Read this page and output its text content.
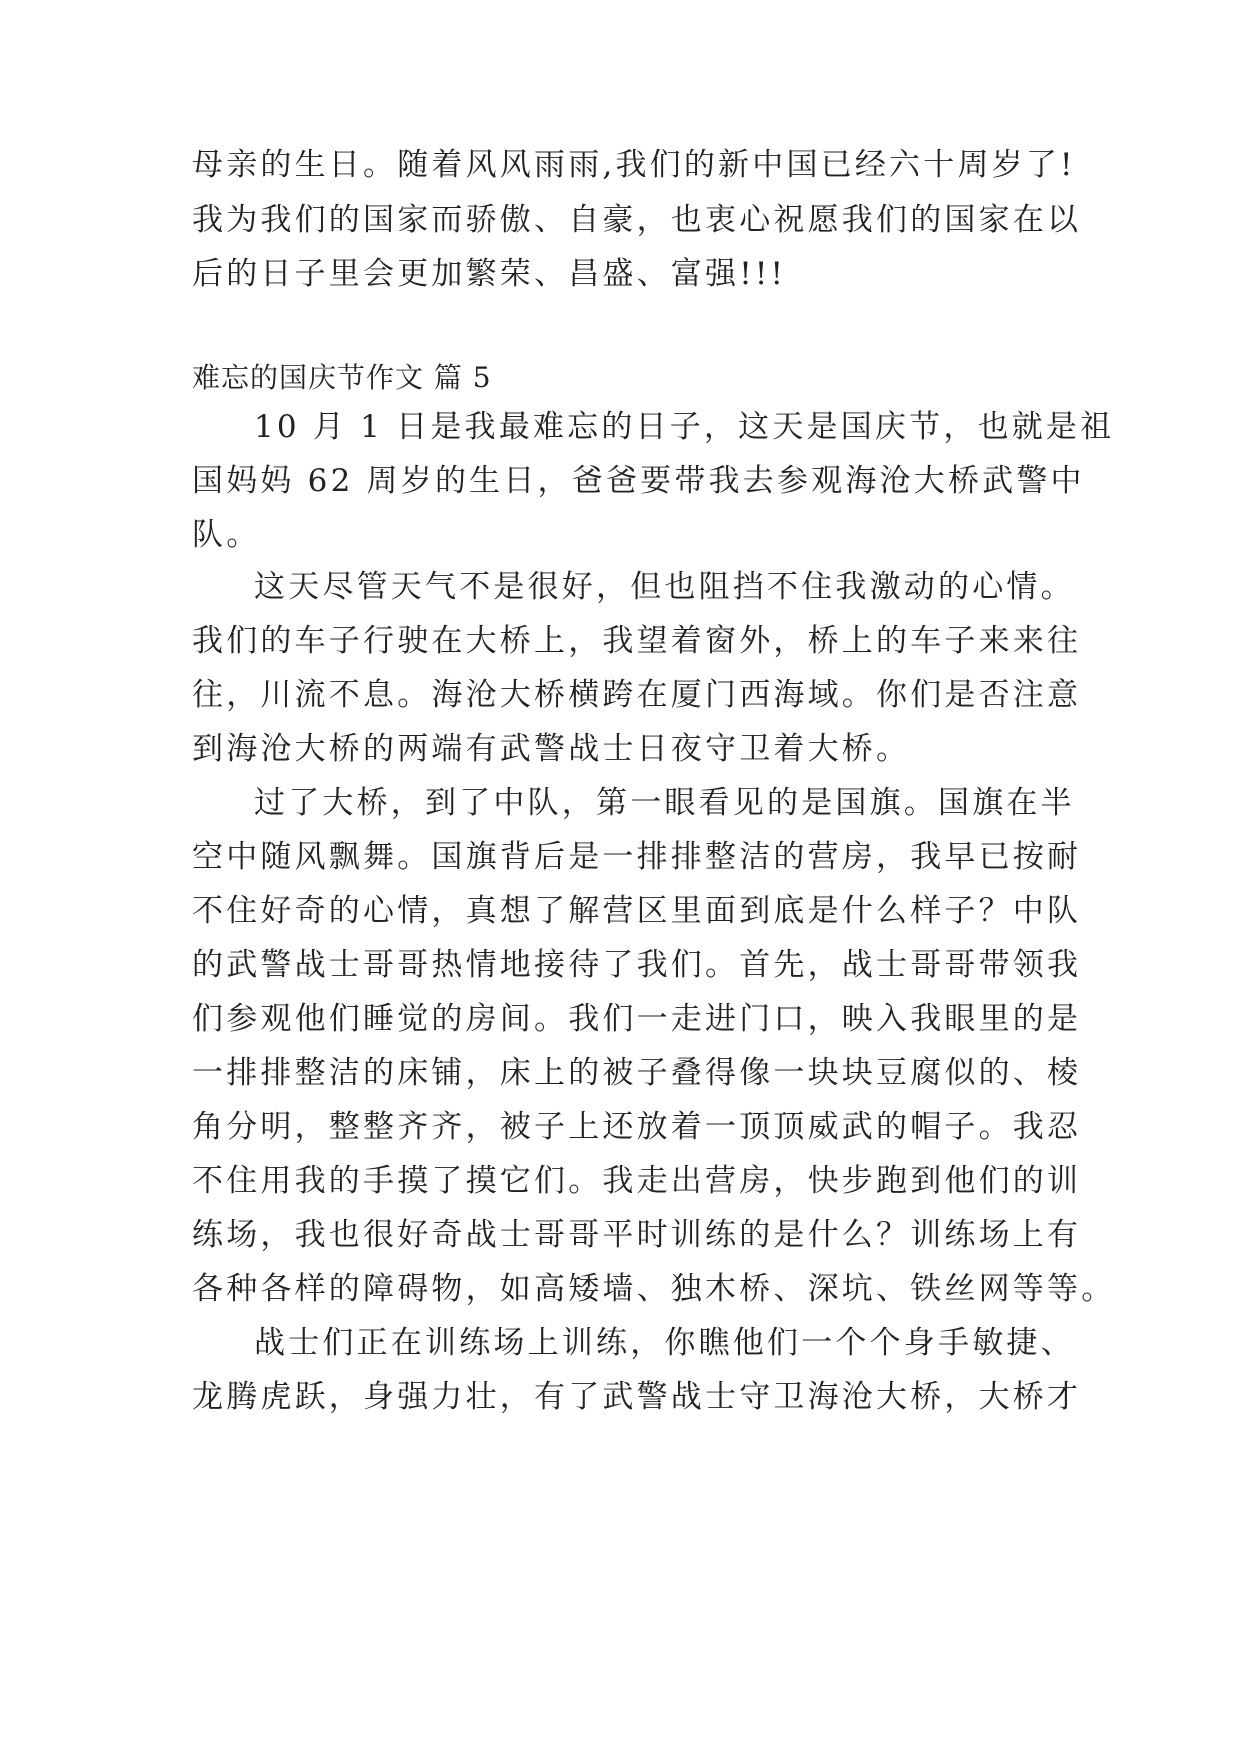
母亲的生日。随着风风雨雨,我们的新中国已经六十周岁了!
我为我们的国家而骄傲、自豪，也衷心祝愿我们的国家在以
后的日子里会更加繁荣、昌盛、富强!!!
难忘的国庆节作文 篇 5
10 月 1 日是我最难忘的日子，这天是国庆节，也就是祖
国妈妈 62 周岁的生日，爸爸要带我去参观海沧大桥武警中
队。
这天尽管天气不是很好，但也阻挡不住我激动的心情。
我们的车子行驶在大桥上，我望着窗外，桥上的车子来来往
往，川流不息。海沧大桥横跨在厦门西海域。你们是否注意
到海沧大桥的两端有武警战士日夜守卫着大桥。
过了大桥，到了中队，第一眼看见的是国旗。国旗在半
空中随风飘舞。国旗背后是一排排整洁的营房，我早已按耐
不住好奇的心情，真想了解营区里面到底是什么样子？中队
的武警战士哥哥热情地接待了我们。首先，战士哥哥带领我
们参观他们睡觉的房间。我们一走进门口，映入我眼里的是
一排排整洁的床铺，床上的被子叠得像一块块豆腐似的、棱
角分明，整整齐齐，被子上还放着一顶顶威武的帽子。我忍
不住用我的手摸了摸它们。我走出营房，快步跑到他们的训
练场，我也很好奇战士哥哥平时训练的是什么？训练场上有
各种各样的障碍物，如高矮墙、独木桥、深坑、铁丝网等等。
战士们正在训练场上训练，你瞧他们一个个身手敏捷、
龙腾虎跃，身强力壮，有了武警战士守卫海沧大桥，大桥才
